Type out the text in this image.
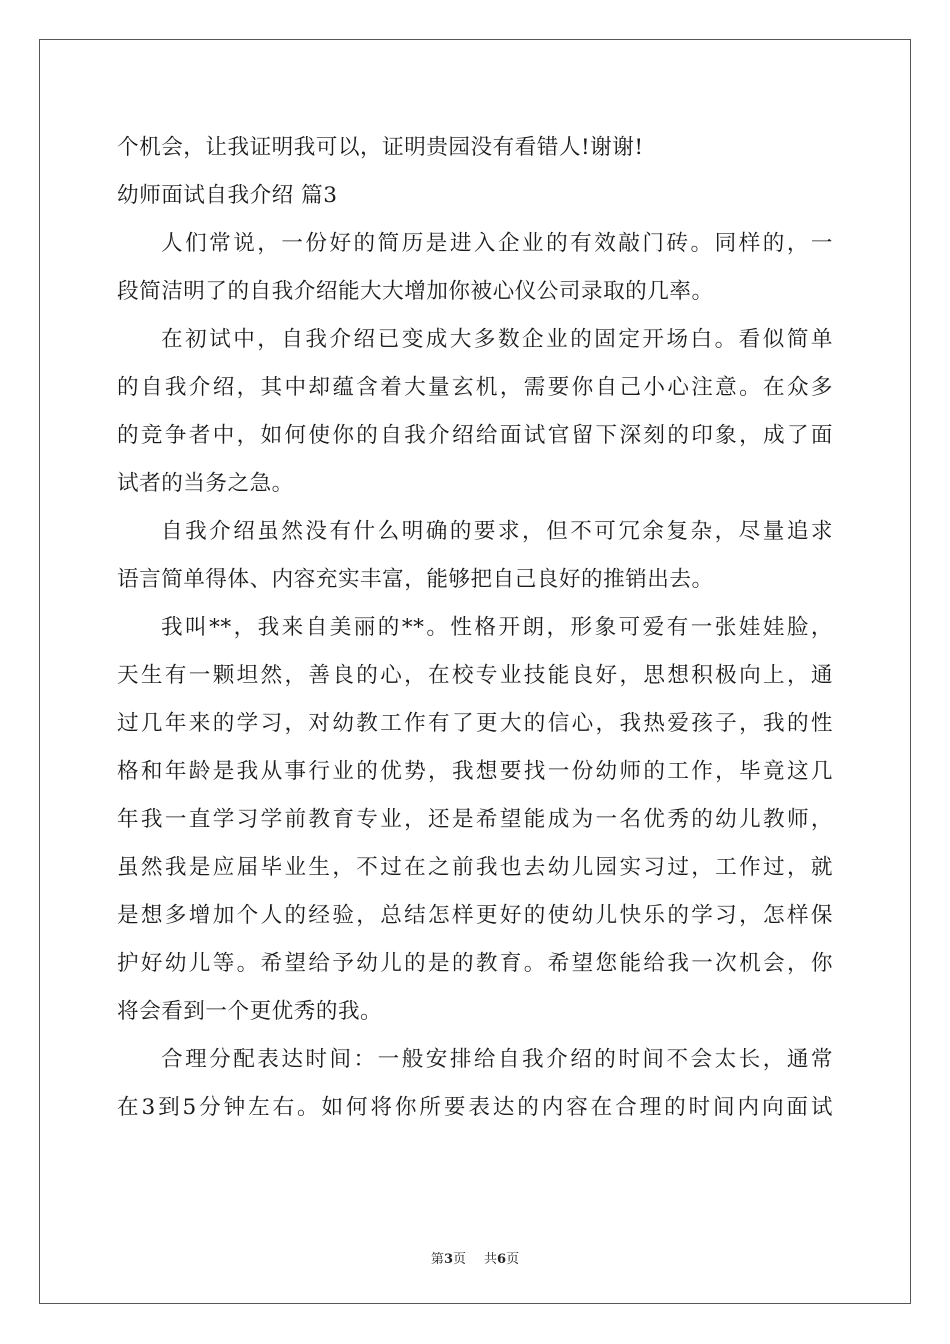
个机会，让我证明我可以，证明贵园没有看错人!谢谢!
幼师面试自我介绍 篇3
人们常说，一份好的简历是进入企业的有效敲门砖。同样的，一
段简洁明了的自我介绍能大大增加你被心仪公司录取的几率。
在初试中，自我介绍已变成大多数企业的固定开场白。看似简单
的自我介绍，其中却蕴含着大量玄机，需要你自己小心注意。在众多
的竞争者中，如何使你的自我介绍给面试官留下深刻的印象，成了面
试者的当务之急。
自我介绍虽然没有什么明确的要求，但不可冗余复杂，尽量追求
语言简单得体、内容充实丰富，能够把自己良好的推销出去。
我叫**，我来自美丽的**。性格开朗，形象可爱有一张娃娃脸，
天生有一颗坦然，善良的心，在校专业技能良好，思想积极向上，通
过几年来的学习，对幼教工作有了更大的信心，我热爱孩子，我的性
格和年龄是我从事行业的优势，我想要找一份幼师的工作，毕竟这几
年我一直学习学前教育专业，还是希望能成为一名优秀的幼儿教师，
虽然我是应届毕业生，不过在之前我也去幼儿园实习过，工作过，就
是想多增加个人的经验，总结怎样更好的使幼儿快乐的学习，怎样保
护好幼儿等。希望给予幼儿的是的教育。希望您能给我一次机会，你
将会看到一个更优秀的我。
合理分配表达时间：一般安排给自我介绍的时间不会太长，通常
在3到5分钟左右。如何将你所要表达的内容在合理的时间内向面试
第3页 共6页
